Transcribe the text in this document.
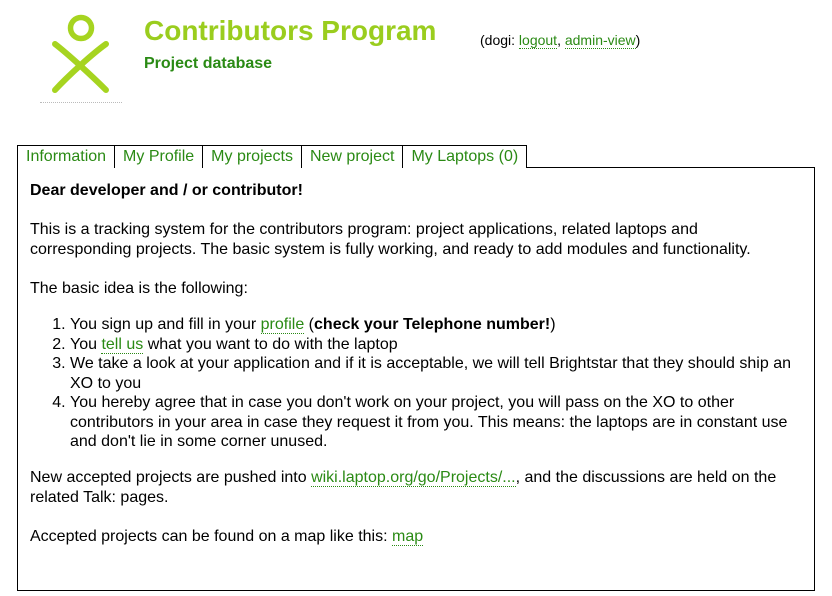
Contributors Program
Project database
(dogi: logout, admin-view)
Information	My Profile	My projects	New project	My Laptops (0)

Dear developer and / or contributor!

This is a tracking system for the contributors program: project applications, related laptops and corresponding projects. The basic system is fully working, and ready to add modules and functionality.

The basic idea is the following:

1. You sign up and fill in your profile (check your Telephone number!)
2. You tell us what you want to do with the laptop
3. We take a look at your application and if it is acceptable, we will tell Brightstar that they should ship an XO to you
4. You hereby agree that in case you don't work on your project, you will pass on the XO to other contributors in your area in case they request it from you. This means: the laptops are in constant use and don't lie in some corner unused.

New accepted projects are pushed into wiki.laptop.org/go/Projects/..., and the discussions are held on the related Talk: pages.

Accepted projects can be found on a map like this: map
